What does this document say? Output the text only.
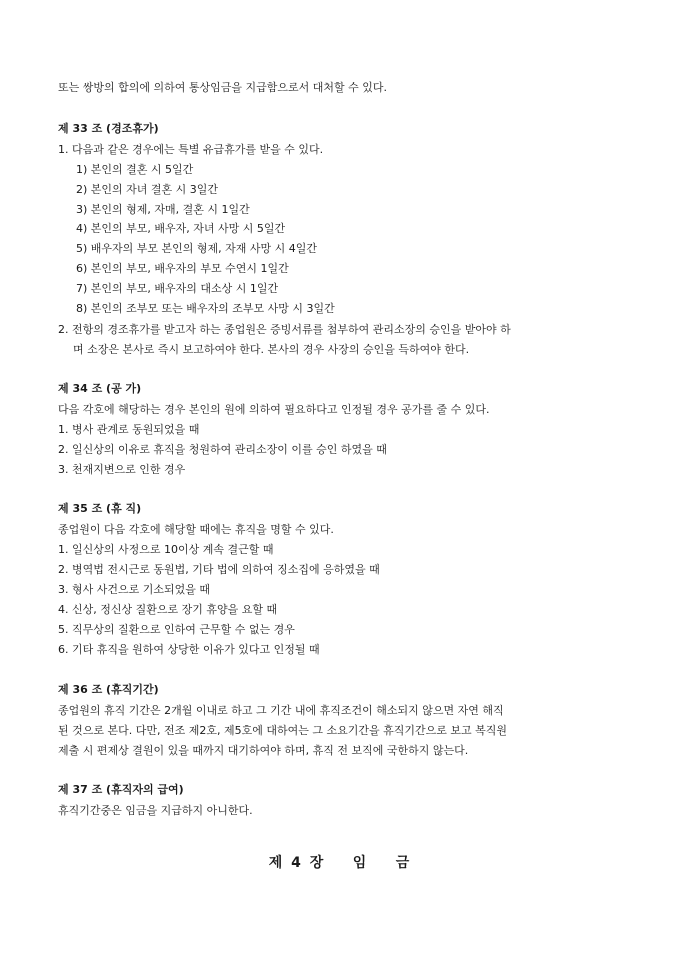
또는 쌍방의 합의에 의하여 통상임금을 지급함으로서 대처할 수 있다.
제 33 조 (경조휴가)
1. 다음과 같은 경우에는 특별 유급휴가를 받을 수 있다.
1) 본인의 결혼 시 5일간
2) 본인의 자녀 결혼 시 3일간
3) 본인의 형제, 자매, 결혼 시 1일간
4) 본인의 부모, 배우자, 자녀 사망 시 5일간
5) 배우자의 부모 본인의 형제, 자재 사망 시 4일간
6) 본인의 부모, 배우자의 부모 수연시 1일간
7) 본인의 부모, 배우자의 대소상 시 1일간
8) 본인의 조부모 또는 배우자의 조부모 사망 시 3일간
2. 전항의 경조휴가를 받고자 하는 종업원은 증빙서류를 첨부하여 관리소장의 승인을 받아야 하
며 소장은 본사로 즉시 보고하여야 한다. 본사의 경우 사장의 승인을 득하여야 한다.
제 34 조 (공 가)
다음 각호에 해당하는 경우 본인의 원에 의하여 필요하다고 인정될 경우 공가를 줄 수 있다.
1. 병사 관계로 동원되었을 때
2. 일신상의 이유로 휴직을 청원하여 관리소장이 이를 승인 하였을 때
3. 천재지변으로 인한 경우
제 35 조 (휴 직)
종업원이 다음 각호에 해당할 때에는 휴직을 명할 수 있다.
1. 일신상의 사정으로 10이상 계속 결근할 때
2. 병역법 전시근로 동원법, 기타 법에 의하여 징소집에 응하였을 때
3. 형사 사건으로 기소되었을 때
4. 신상, 정신상 질환으로 장기 휴양을 요할 때
5. 직무상의 질환으로 인하여 근무할 수 없는 경우
6. 기타 휴직을 원하여 상당한 이유가 있다고 인정될 때
제 36 조 (휴직기간)
종업원의 휴직 기간은 2개월 이내로 하고 그 기간 내에 휴직조건이 해소되지 않으면 자연 해직
된 것으로 본다. 다만, 전조 제2호, 제5호에 대하여는 그 소요기간을 휴직기간으로 보고 복직원
제출 시 편제상 결원이 있을 때까지 대기하여야 하며, 휴직 전 보직에 국한하지 않는다.
제 37 조 (휴직자의 급여)
휴직기간중은 임금을 지급하지 아니한다.
제 4 장    임    금
